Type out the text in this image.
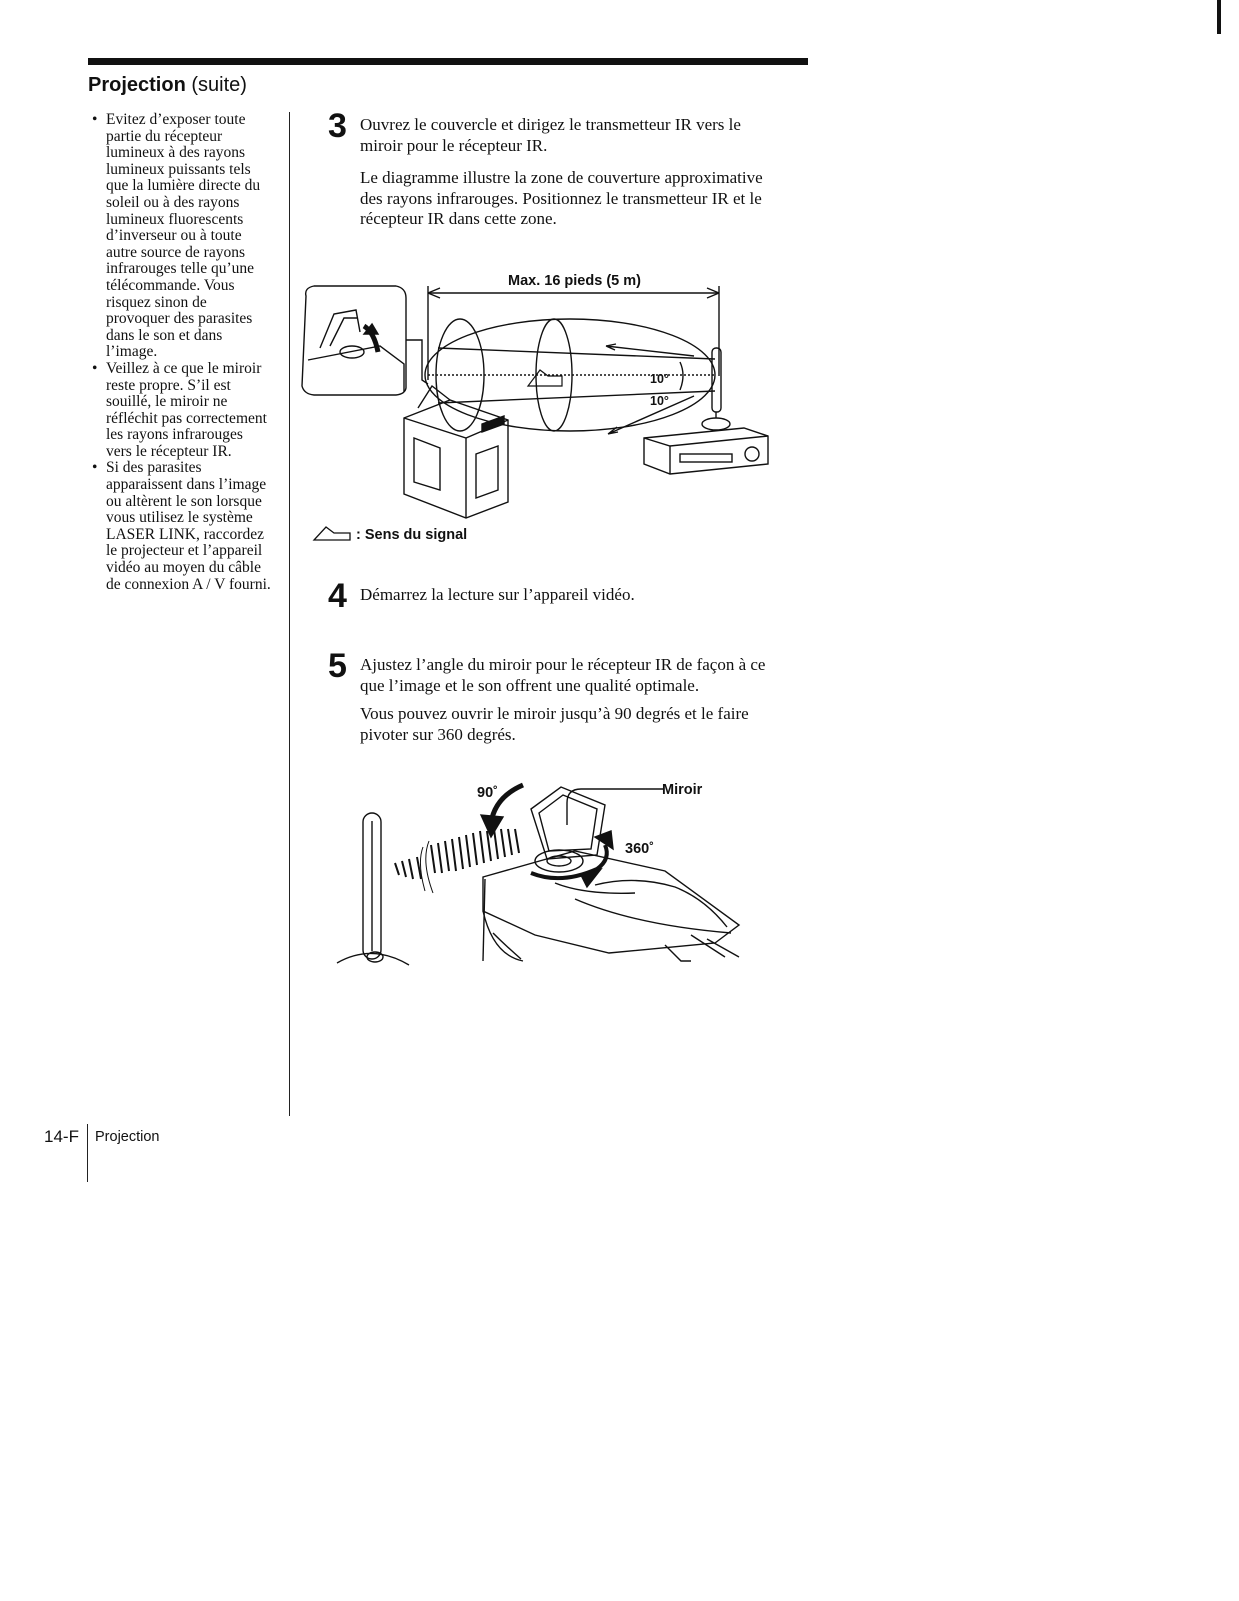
Projection (suite)
• Evitez d’exposer toute partie du récepteur lumineux à des rayons lumineux puissants tels que la lumière directe du soleil ou à des rayons lumineux fluorescents d’inverseur ou à toute autre source de rayons infrarouges telle qu’une télécommande. Vous risquez sinon de provoquer des parasites dans le son et dans l’image.
• Veillez à ce que le miroir reste propre. S’il est souillé, le miroir ne réfléchit pas correctement les rayons infrarouges vers le récepteur IR.
• Si des parasites apparaissent dans l’image ou altèrent le son lorsque vous utilisez le système LASER LINK, raccordez le projecteur et l’appareil vidéo au moyen du câble de connexion A / V fourni.
3 Ouvrez le couvercle et dirigez le transmetteur IR vers le miroir pour le récepteur IR.

Le diagramme illustre la zone de couverture approximative des rayons infrarouges. Positionnez le transmetteur IR et le récepteur IR dans cette zone.

Max. 16 pieds (5 m)
10°
10°
: Sens du signal
4 Démarrez la lecture sur l’appareil vidéo.

5 Ajustez l’angle du miroir pour le récepteur IR de façon à ce que l’image et le son offrent une qualité optimale.

Vous pouvez ouvrir le miroir jusqu’à 90 degrés et le faire pivoter sur 360 degrés.

90˚	Miroir
360˚
14-F Projection
